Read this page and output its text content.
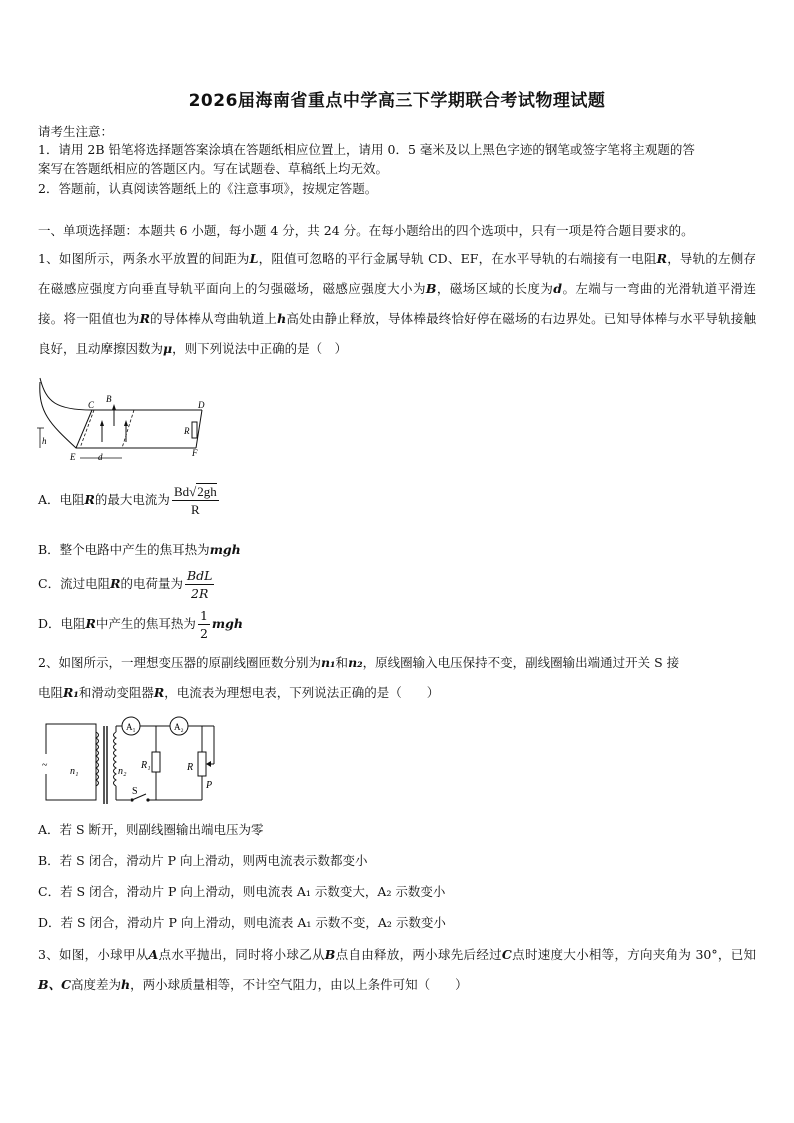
2026届海南省重点中学高三下学期联合考试物理试题
请考生注意：
1．请用 2B 铅笔将选择题答案涂填在答题纸相应位置上，请用 0．5 毫米及以上黑色字迹的钢笔或签字笔将主观题的答
案写在答题纸相应的答题区内。写在试题卷、草稿纸上均无效。
2．答题前，认真阅读答题纸上的《注意事项》，按规定答题。
一、单项选择题：本题共 6 小题，每小题 4 分，共 24 分。在每小题给出的四个选项中，只有一项是符合题目要求的。
1、如图所示，两条水平放置的间距为L，阻值可忽略的平行金属导轨 CD、EF，在水平导轨的右端接有一电阻R，导轨的左侧存在磁感应强度方向垂直导轨平面向上的匀强磁场，磁感应强度大小为B，磁场区域的长度为d。左端与一弯曲的光滑轨道平滑连接。将一阻值也为R的导体棒从弯曲轨道上h高处由静止释放，导体棒最终恰好停在磁场的右边界处。已知导体棒与水平导轨接触良好，且动摩擦因数为μ，则下列说法中正确的是（　）
C
B
D
R
h
E	d	F
A．电阻R的最大电流为 $\frac{Bd√2gh}{R}$
B．整个电路中产生的焦耳热为mgh
C．流过电阻R的电荷量为 $\frac{\text{BdL}}{2R}$
D．电阻R中产生的焦耳热为 $\frac{1}{2}$ mgh
2、如图所示，一理想变压器的原副线圈匝数分别为n₁和n₂，原线圈输入电压保持不变，副线圈输出端通过开关 S 接
电阻R₁和滑动变阻器R，电流表为理想电表，下列说法正确的是（　　）
~
A₁	A₂
n₁	n₂
R₁	R
P
S
A．若 S 断开，则副线圈输出端电压为零
B．若 S 闭合，滑动片 P 向上滑动，则两电流表示数都变小
C．若 S 闭合，滑动片 P 向上滑动，则电流表 A₁ 示数变大，A₂ 示数变小
D．若 S 闭合，滑动片 P 向上滑动，则电流表 A₁ 示数不变，A₂ 示数变小
3、如图，小球甲从A点水平抛出，同时将小球乙从B点自由释放，两小球先后经过C点时速度大小相等，方向夹角为 30°，已知B、C高度差为h，两小球质量相等，不计空气阻力，由以上条件可知（　　）
